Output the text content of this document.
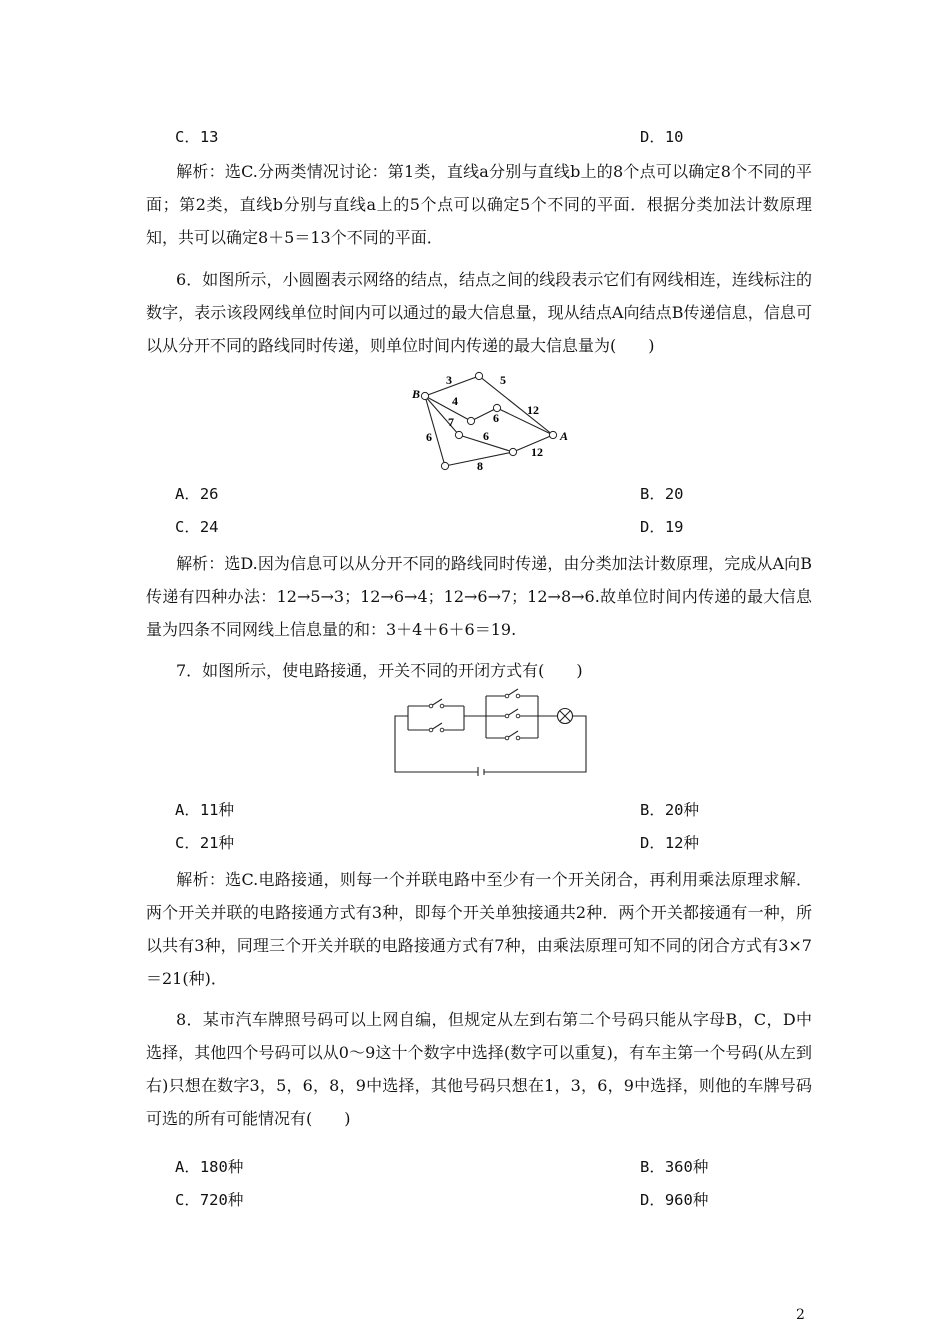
C．13	D．10

解析：选C.分两类情况讨论：第1类，直线a分别与直线b上的8个点可以确定8个不同的平面；第2类，直线b分别与直线a上的5个点可以确定5个不同的平面．根据分类加法计数原理知，共可以确定8＋5＝13个不同的平面．

6．如图所示，小圆圈表示网络的结点，结点之间的线段表示它们有网线相连，连线标注的数字，表示该段网线单位时间内可以通过的最大信息量，现从结点A向结点B传递信息，信息可以从分开不同的路线同时传递，则单位时间内传递的最大信息量为(　　)

B
A
3	5
4
6
12
7
6
6
8
12
A．26	B．20
C．24	D．19

解析：选D.因为信息可以从分开不同的路线同时传递，由分类加法计数原理，完成从A向B传递有四种办法：12→5→3；12→6→4；12→6→7；12→8→6.故单位时间内传递的最大信息量为四条不同网线上信息量的和：3＋4＋6＋6＝19.

7．如图所示，使电路接通，开关不同的开闭方式有(　　)

A．11种	B．20种
C．21种	D．12种

解析：选C.电路接通，则每一个并联电路中至少有一个开关闭合，再利用乘法原理求解．两个开关并联的电路接通方式有3种，即每个开关单独接通共2种．两个开关都接通有一种，所以共有3种，同理三个开关并联的电路接通方式有7种，由乘法原理可知不同的闭合方式有3×7＝21(种)．

8．某市汽车牌照号码可以上网自编，但规定从左到右第二个号码只能从字母B，C，D中选择，其他四个号码可以从0～9这十个数字中选择(数字可以重复)，有车主第一个号码(从左到右)只想在数字3，5，6，8，9中选择，其他号码只想在1，3，6，9中选择，则他的车牌号码可选的所有可能情况有(　　)

A．180种	B．360种
C．720种	D．960种
2
